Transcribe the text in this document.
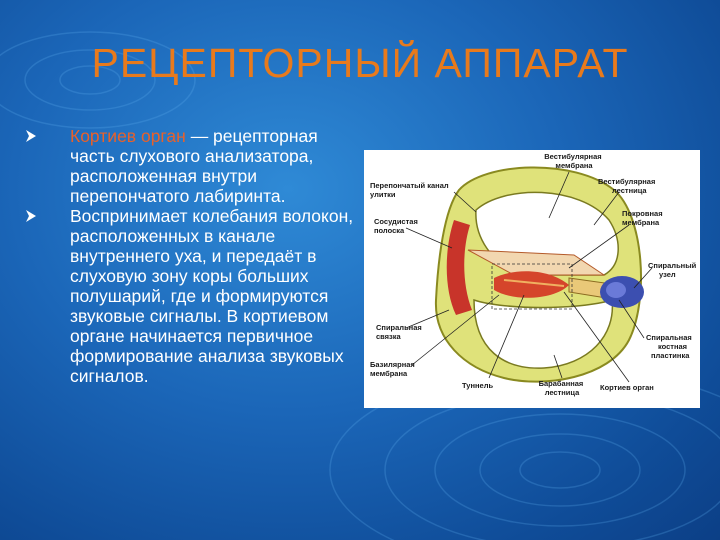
РЕЦЕПТОРНЫЙ АППАРАТ
Кортиев орган — рецепторная часть слухового анализатора, расположенная внутри перепончатого лабиринта.
Воспринимает колебания волокон, расположенных в канале внутреннего уха, и передаёт в слуховую зону коры больших полушарий, где и формируются звуковые сигналы. В кортиевом органе начинается первичное формирование анализа звуковых сигналов.
Вестибулярная мембрана
Перепончатый канал улитки
Вестибулярная лестница
Сосудистая полоска
Покровная мембрана
Спиральный узел
Спиральная связка	Спиральная костная пластинка
Базилярная мембрана
Туннель	Барабанная лестница
Кортиев орган
